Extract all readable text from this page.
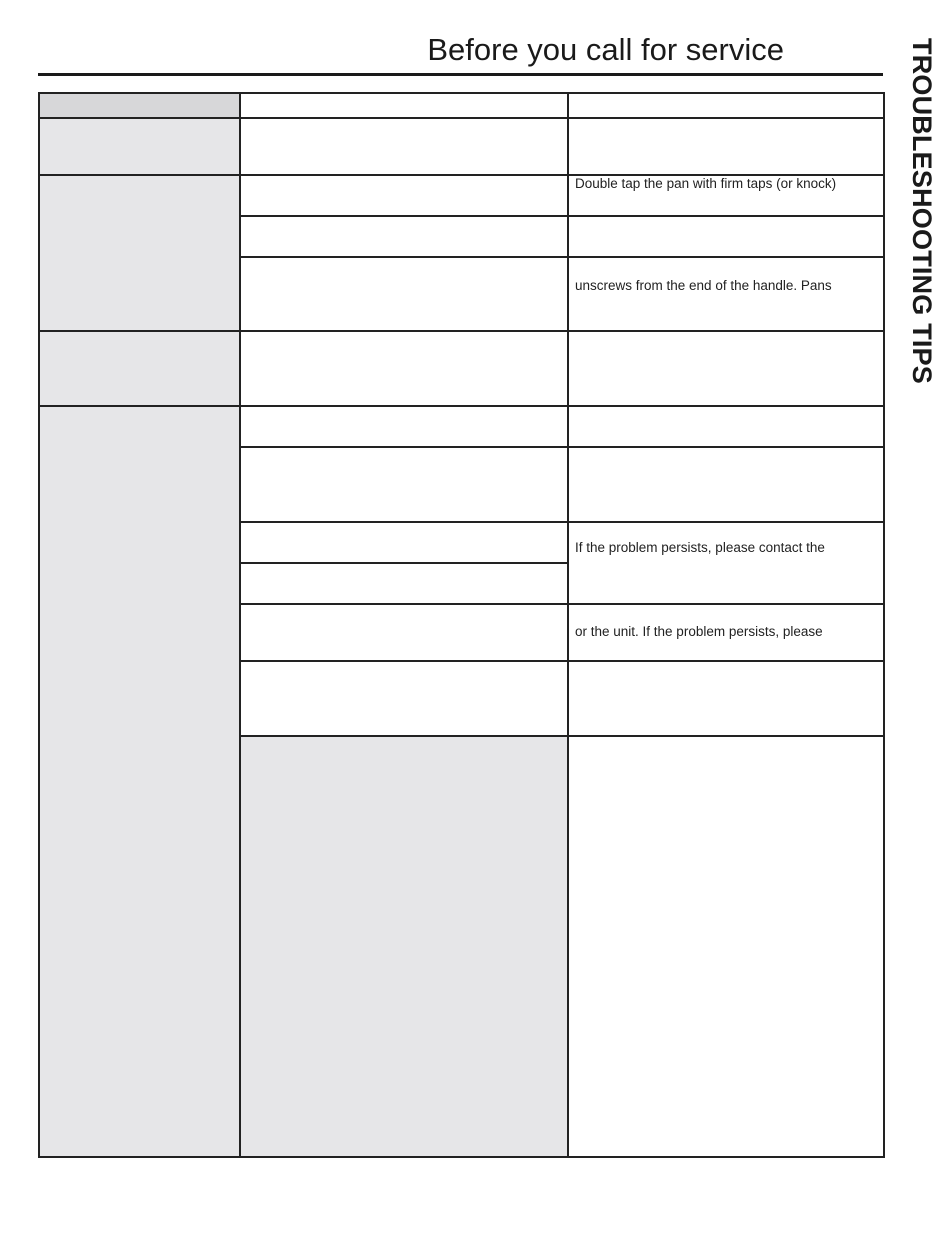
Before you call for service	TROUBLESHOOTING TIPS

		Double tap the pan with firm taps (or knock)	

		unscrews from the end of the handle. Pans	

		If the problem persists, please contact the	

		or the unit. If the problem persists, please	
